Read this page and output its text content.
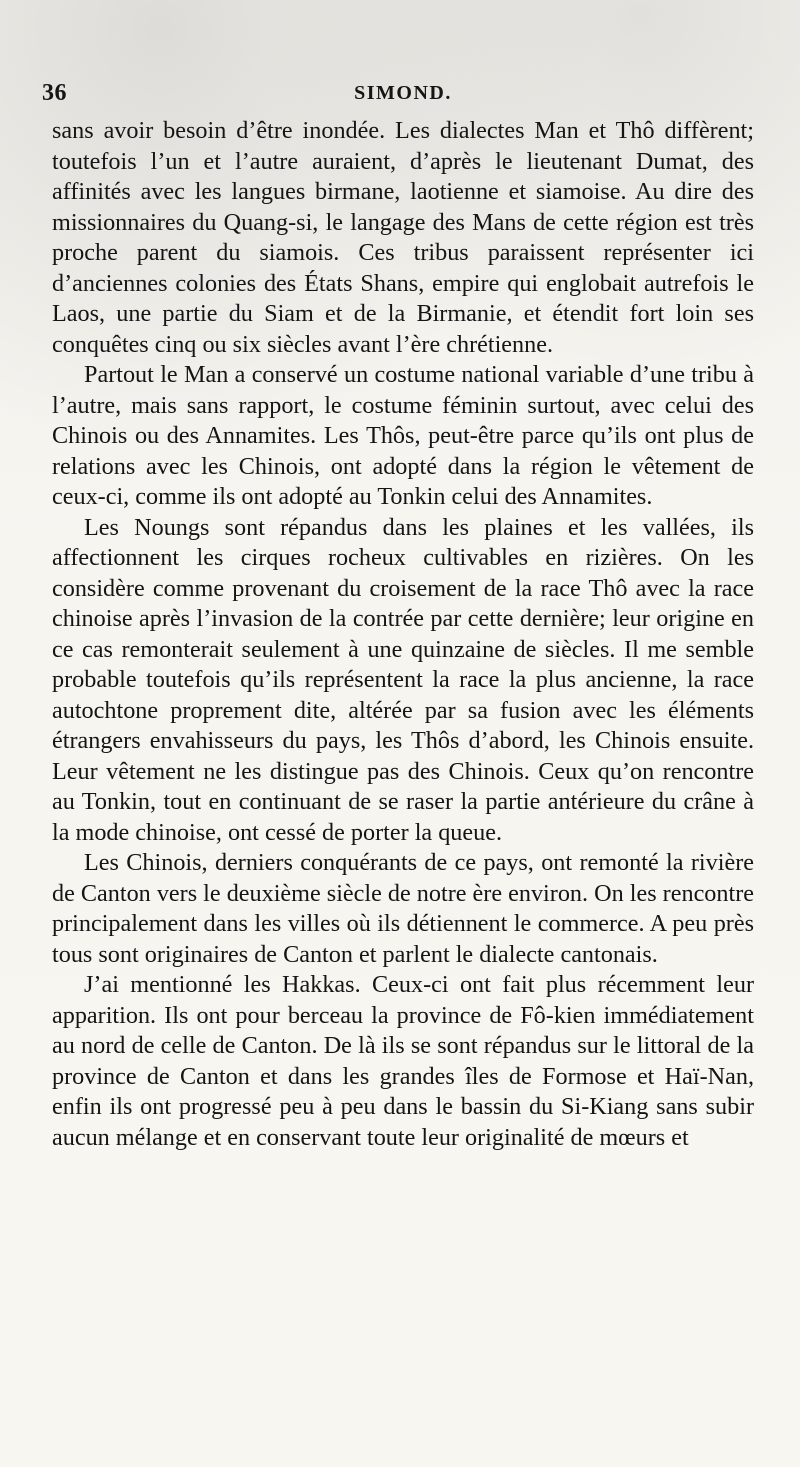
36	SIMOND.

sans avoir besoin d’être inondée. Les dialectes Man et Thô diffèrent; toutefois l’un et l’autre auraient, d’après le lieutenant Dumat, des affinités avec les langues birmane, laotienne et siamoise. Au dire des missionnaires du Quang-si, le langage des Mans de cette région est très proche parent du siamois. Ces tribus paraissent représenter ici d’anciennes colonies des États Shans, empire qui englobait autrefois le Laos, une partie du Siam et de la Birmanie, et étendit fort loin ses conquêtes cinq ou six siècles avant l’ère chrétienne.

Partout le Man a conservé un costume national variable d’une tribu à l’autre, mais sans rapport, le costume féminin surtout, avec celui des Chinois ou des Annamites. Les Thôs, peut-être parce qu’ils ont plus de relations avec les Chinois, ont adopté dans la région le vêtement de ceux-ci, comme ils ont adopté au Tonkin celui des Annamites.

Les Noungs sont répandus dans les plaines et les vallées, ils affectionnent les cirques rocheux cultivables en rizières. On les considère comme provenant du croisement de la race Thô avec la race chinoise après l’invasion de la contrée par cette dernière; leur origine en ce cas remonterait seulement à une quinzaine de siècles. Il me semble probable toutefois qu’ils représentent la race la plus ancienne, la race autochtone proprement dite, altérée par sa fusion avec les éléments étrangers envahisseurs du pays, les Thôs d’abord, les Chinois ensuite. Leur vêtement ne les distingue pas des Chinois. Ceux qu’on rencontre au Tonkin, tout en continuant de se raser la partie antérieure du crâne à la mode chinoise, ont cessé de porter la queue.

Les Chinois, derniers conquérants de ce pays, ont remonté la rivière de Canton vers le deuxième siècle de notre ère environ. On les rencontre principalement dans les villes où ils détiennent le commerce. A peu près tous sont originaires de Canton et parlent le dialecte cantonais.

J’ai mentionné les Hakkas. Ceux-ci ont fait plus récemment leur apparition. Ils ont pour berceau la province de Fô-kien immédiatement au nord de celle de Canton. De là ils se sont répandus sur le littoral de la province de Canton et dans les grandes îles de Formose et Haï-Nan, enfin ils ont progressé peu à peu dans le bassin du Si-Kiang sans subir aucun mélange et en conservant toute leur originalité de mœurs et
